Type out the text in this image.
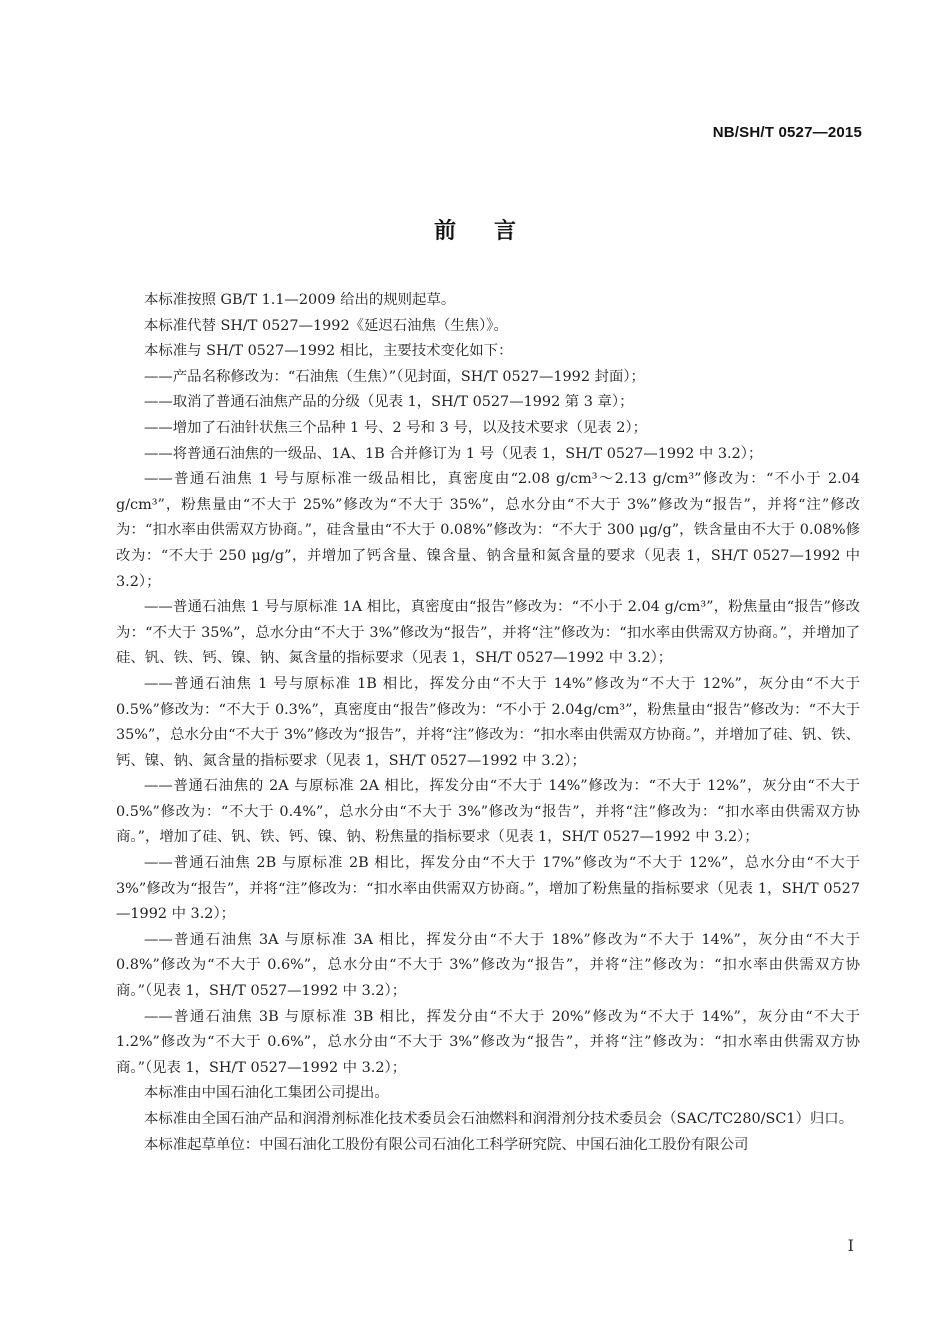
NB/SH/T 0527—2015
前言

本标准按照 GB/T 1.1—2009 给出的规则起草。

本标准代替 SH/T 0527—1992《延迟石油焦（生焦）》。

本标准与 SH/T 0527—1992 相比，主要技术变化如下：

——产品名称修改为：“石油焦（生焦）”（见封面，SH/T 0527—1992 封面）；

——取消了普通石油焦产品的分级（见表 1，SH/T 0527—1992 第 3 章）；

——增加了石油针状焦三个品种 1 号、2 号和 3 号，以及技术要求（见表 2）；

——将普通石油焦的一级品、1A、1B 合并修订为 1 号（见表 1，SH/T 0527—1992 中 3.2）；

——普通石油焦 1 号与原标准一级品相比，真密度由“2.08 g/cm³～2.13 g/cm³”修改为：“不小于 2.04 g/cm³”，粉焦量由“不大于 25%”修改为“不大于 35%”，总水分由“不大于 3%”修改为“报告”，并将“注”修改为：“扣水率由供需双方协商。”，硅含量由“不大于 0.08%”修改为：“不大于 300 μg/g”，铁含量由不大于 0.08%修改为：“不大于 250 μg/g”，并增加了钙含量、镍含量、钠含量和氮含量的要求（见表 1，SH/T 0527—1992 中 3.2）；

——普通石油焦 1 号与原标准 1A 相比，真密度由“报告”修改为：“不小于 2.04 g/cm³”，粉焦量由“报告”修改为：“不大于 35%”，总水分由“不大于 3%”修改为“报告”，并将“注”修改为：“扣水率由供需双方协商。”，并增加了硅、钒、铁、钙、镍、钠、氮含量的指标要求（见表 1，SH/T 0527—1992 中 3.2）；

——普通石油焦 1 号与原标准 1B 相比，挥发分由“不大于 14%”修改为“不大于 12%”，灰分由“不大于 0.5%”修改为：“不大于 0.3%”，真密度由“报告”修改为：“不小于 2.04g/cm³”，粉焦量由“报告”修改为：“不大于 35%”，总水分由“不大于 3%”修改为“报告”，并将“注”修改为：“扣水率由供需双方协商。”，并增加了硅、钒、铁、钙、镍、钠、氮含量的指标要求（见表 1，SH/T 0527—1992 中 3.2）；

——普通石油焦的 2A 与原标准 2A 相比，挥发分由“不大于 14%”修改为：“不大于 12%”，灰分由“不大于 0.5%”修改为：“不大于 0.4%”，总水分由“不大于 3%”修改为“报告”，并将“注”修改为：“扣水率由供需双方协商。”，增加了硅、钒、铁、钙、镍、钠、粉焦量的指标要求（见表 1，SH/T 0527—1992 中 3.2）；

——普通石油焦 2B 与原标准 2B 相比，挥发分由“不大于 17%”修改为“不大于 12%”，总水分由“不大于 3%”修改为“报告”，并将“注”修改为：“扣水率由供需双方协商。”，增加了粉焦量的指标要求（见表 1，SH/T 0527—1992 中 3.2）；

——普通石油焦 3A 与原标准 3A 相比，挥发分由“不大于 18%”修改为“不大于 14%”，灰分由“不大于 0.8%”修改为“不大于 0.6%”，总水分由“不大于 3%”修改为“报告”，并将“注”修改为：“扣水率由供需双方协商。”（见表 1，SH/T 0527—1992 中 3.2）；

——普通石油焦 3B 与原标准 3B 相比，挥发分由“不大于 20%”修改为“不大于 14%”，灰分由“不大于 1.2%”修改为“不大于 0.6%”，总水分由“不大于 3%”修改为“报告”，并将“注”修改为：“扣水率由供需双方协商。”（见表 1，SH/T 0527—1992 中 3.2）；

本标准由中国石油化工集团公司提出。

本标准由全国石油产品和润滑剂标准化技术委员会石油燃料和润滑剂分技术委员会（SAC/TC280/SC1）归口。

本标准起草单位：中国石油化工股份有限公司石油化工科学研究院、中国石油化工股份有限公司

I
